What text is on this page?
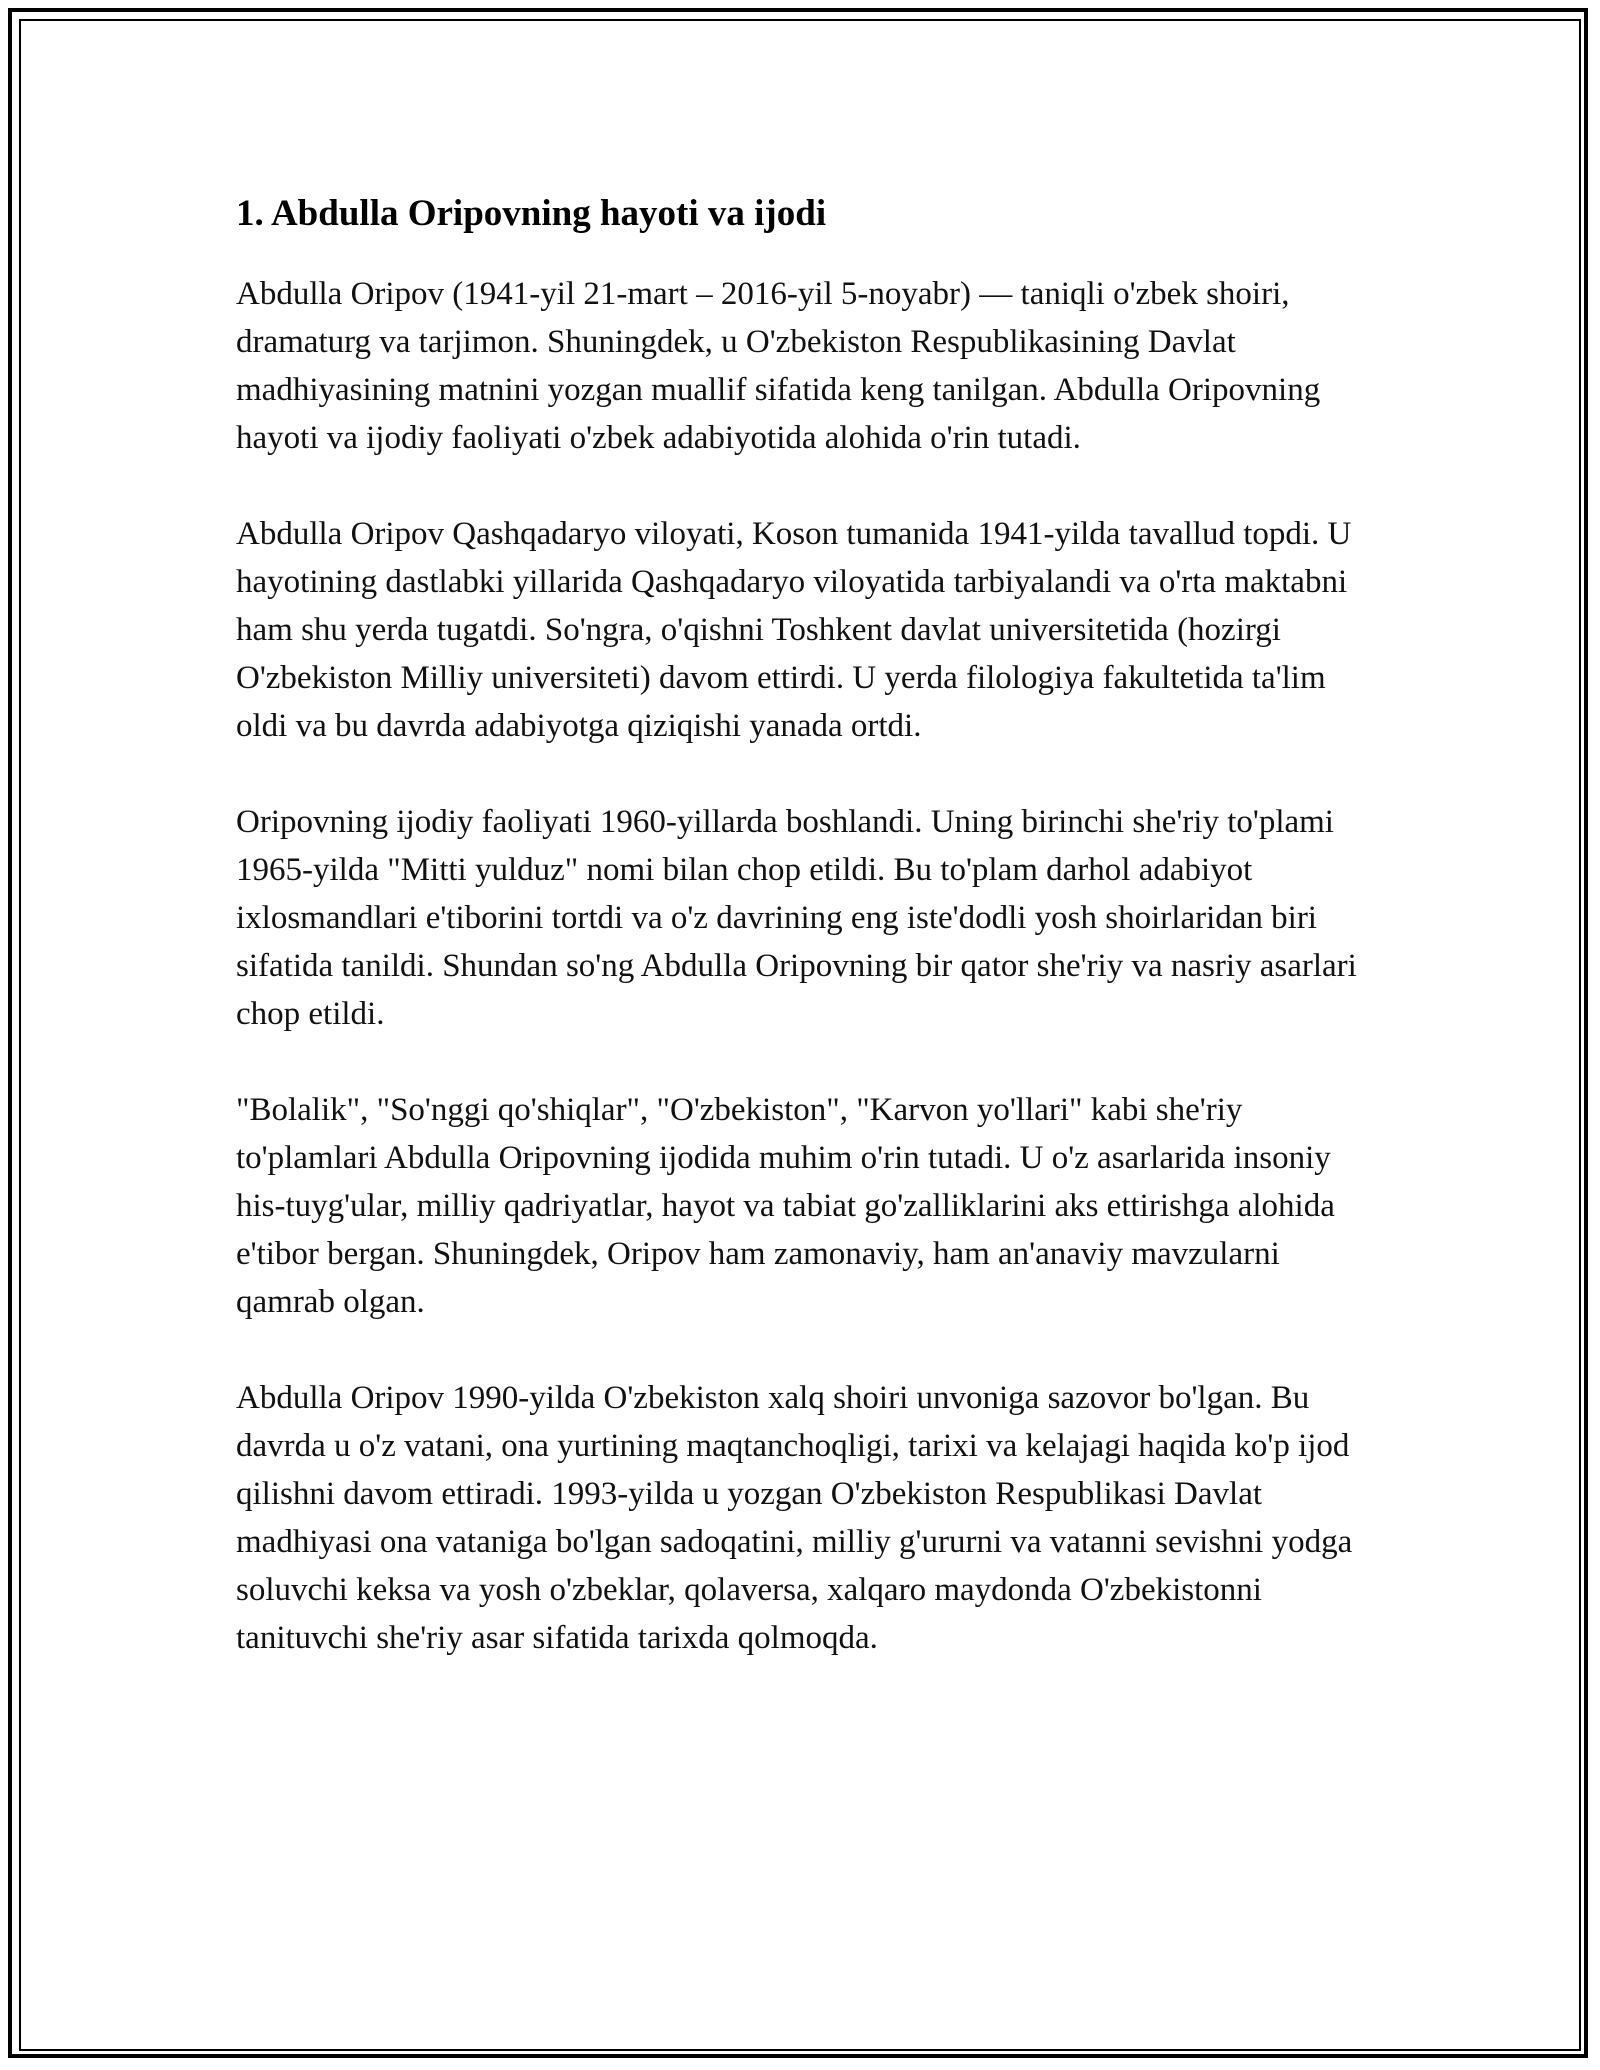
1. Abdulla Oripovning hayoti va ijodi

Abdulla Oripov (1941-yil 21-mart – 2016-yil 5-noyabr) — taniqli o'zbek shoiri, dramaturg va tarjimon. Shuningdek, u O'zbekiston Respublikasining Davlat madhiyasining matnini yozgan muallif sifatida keng tanilgan. Abdulla Oripovning hayoti va ijodiy faoliyati o'zbek adabiyotida alohida o'rin tutadi.

Abdulla Oripov Qashqadaryo viloyati, Koson tumanida 1941-yilda tavallud topdi. U hayotining dastlabki yillarida Qashqadaryo viloyatida tarbiyalandi va o'rta maktabni ham shu yerda tugatdi. So'ngra, o'qishni Toshkent davlat universitetida (hozirgi O'zbekiston Milliy universiteti) davom ettirdi. U yerda filologiya fakultetida ta'lim oldi va bu davrda adabiyotga qiziqishi yanada ortdi.

Oripovning ijodiy faoliyati 1960-yillarda boshlandi. Uning birinchi she'riy to'plami 1965-yilda "Mitti yulduz" nomi bilan chop etildi. Bu to'plam darhol adabiyot ixlosmandlari e'tiborini tortdi va o'z davrining eng iste'dodli yosh shoirlaridan biri sifatida tanildi. Shundan so'ng Abdulla Oripovning bir qator she'riy va nasriy asarlari chop etildi.

"Bolalik", "So'nggi qo'shiqlar", "O'zbekiston", "Karvon yo'llari" kabi she'riy to'plamlari Abdulla Oripovning ijodida muhim o'rin tutadi. U o'z asarlarida insoniy his-tuyg'ular, milliy qadriyatlar, hayot va tabiat go'zalliklarini aks ettirishga alohida e'tibor bergan. Shuningdek, Oripov ham zamonaviy, ham an'anaviy mavzularni qamrab olgan.

Abdulla Oripov 1990-yilda O'zbekiston xalq shoiri unvoniga sazovor bo'lgan. Bu davrda u o'z vatani, ona yurtining maqtanchoqligi, tarixi va kelajagi haqida ko'p ijod qilishni davom ettiradi. 1993-yilda u yozgan O'zbekiston Respublikasi Davlat madhiyasi ona vataniga bo'lgan sadoqatini, milliy g'ururni va vatanni sevishni yodga soluvchi keksa va yosh o'zbeklar, qolaversa, xalqaro maydonda O'zbekistonni tanituvchi she'riy asar sifatida tarixda qolmoqda.
